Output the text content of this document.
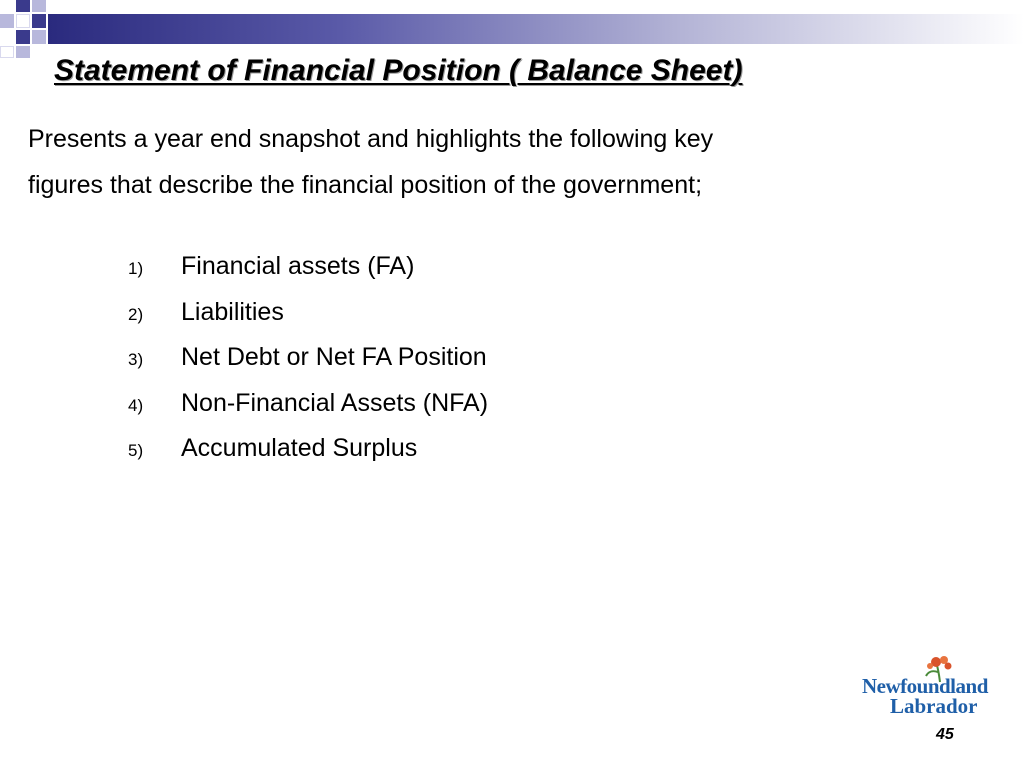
Statement of Financial Position ( Balance Sheet)
Presents a year end snapshot and highlights the following key
figures that describe the financial position of the government;
1)	Financial assets (FA)
2)	Liabilities
3)	Net Debt or Net FA Position
4)	Non-Financial Assets (NFA)
5)	Accumulated Surplus
Newfoundland
Labrador
45
